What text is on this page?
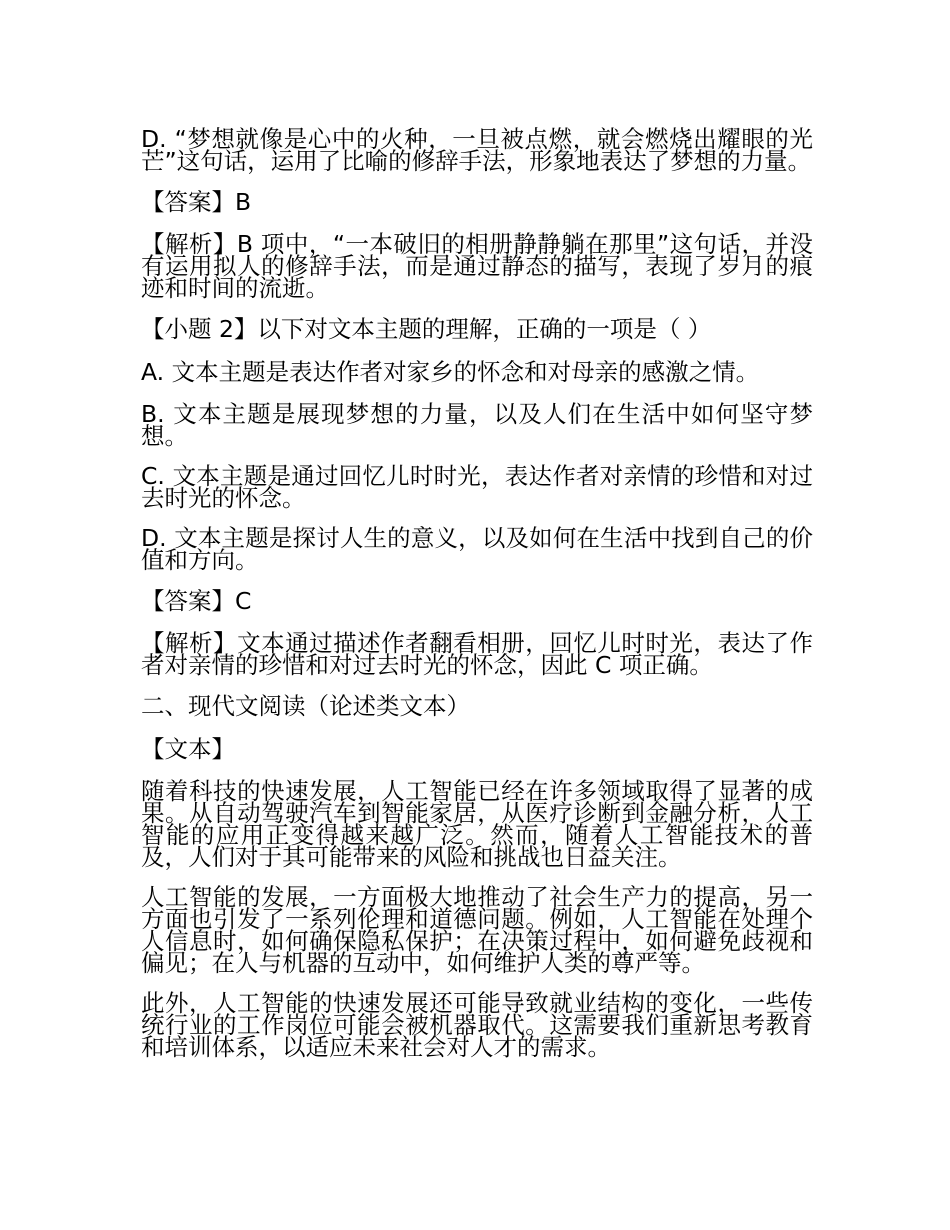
D. “梦想就像是心中的火种，一旦被点燃，就会燃烧出耀眼的光芒”这句话，运用了比喻的修辞手法，形象地表达了梦想的力量。

【答案】B

【解析】B 项中，“一本破旧的相册静静躺在那里”这句话，并没有运用拟人的修辞手法，而是通过静态的描写，表现了岁月的痕迹和时间的流逝。

【小题 2】以下对文本主题的理解，正确的一项是（ ）

A. 文本主题是表达作者对家乡的怀念和对母亲的感激之情。

B. 文本主题是展现梦想的力量，以及人们在生活中如何坚守梦想。

C. 文本主题是通过回忆儿时时光，表达作者对亲情的珍惜和对过去时光的怀念。

D. 文本主题是探讨人生的意义，以及如何在生活中找到自己的价值和方向。

【答案】C

【解析】文本通过描述作者翻看相册，回忆儿时时光，表达了作者对亲情的珍惜和对过去时光的怀念，因此 C 项正确。

二、现代文阅读（论述类文本）

【文本】

随着科技的快速发展，人工智能已经在许多领域取得了显著的成果。从自动驾驶汽车到智能家居，从医疗诊断到金融分析，人工智能的应用正变得越来越广泛。然而，随着人工智能技术的普及，人们对于其可能带来的风险和挑战也日益关注。

人工智能的发展，一方面极大地推动了社会生产力的提高，另一方面也引发了一系列伦理和道德问题。例如，人工智能在处理个人信息时，如何确保隐私保护；在决策过程中，如何避免歧视和偏见；在人与机器的互动中，如何维护人类的尊严等。

此外，人工智能的快速发展还可能导致就业结构的变化，一些传统行业的工作岗位可能会被机器取代。这需要我们重新思考教育和培训体系，以适应未来社会对人才的需求。
